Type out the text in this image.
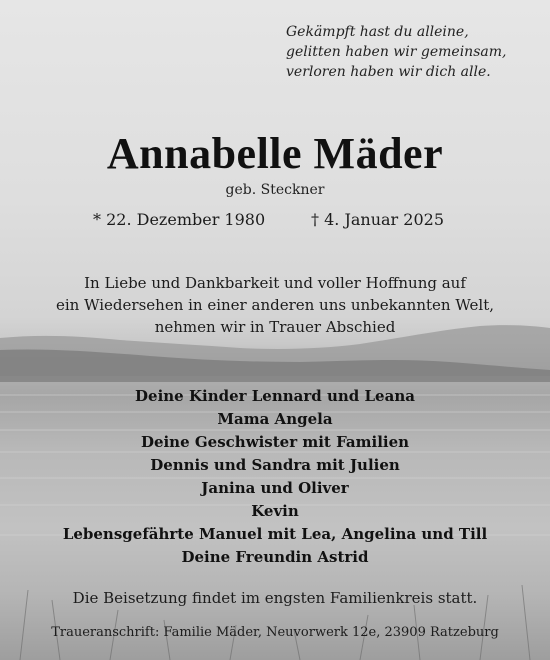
Gekämpft hast du alleine,
gelitten haben wir gemeinsam,
verloren haben wir dich alle.
Annabelle Mäder
geb. Steckner
* 22. Dezember 1980	† 4. Januar 2025
In Liebe und Dankbarkeit und voller Hoffnung auf
ein Wiedersehen in einer anderen uns unbekannten Welt,
nehmen wir in Trauer Abschied
Deine Kinder Lennard und Leana
Mama Angela
Deine Geschwister mit Familien
Dennis und Sandra mit Julien
Janina und Oliver
Kevin
Lebensgefährte Manuel mit Lea, Angelina und Till
Deine Freundin Astrid
Die Beisetzung findet im engsten Familienkreis statt.
Traueranschrift: Familie Mäder, Neuvorwerk 12e, 23909 Ratzeburg
